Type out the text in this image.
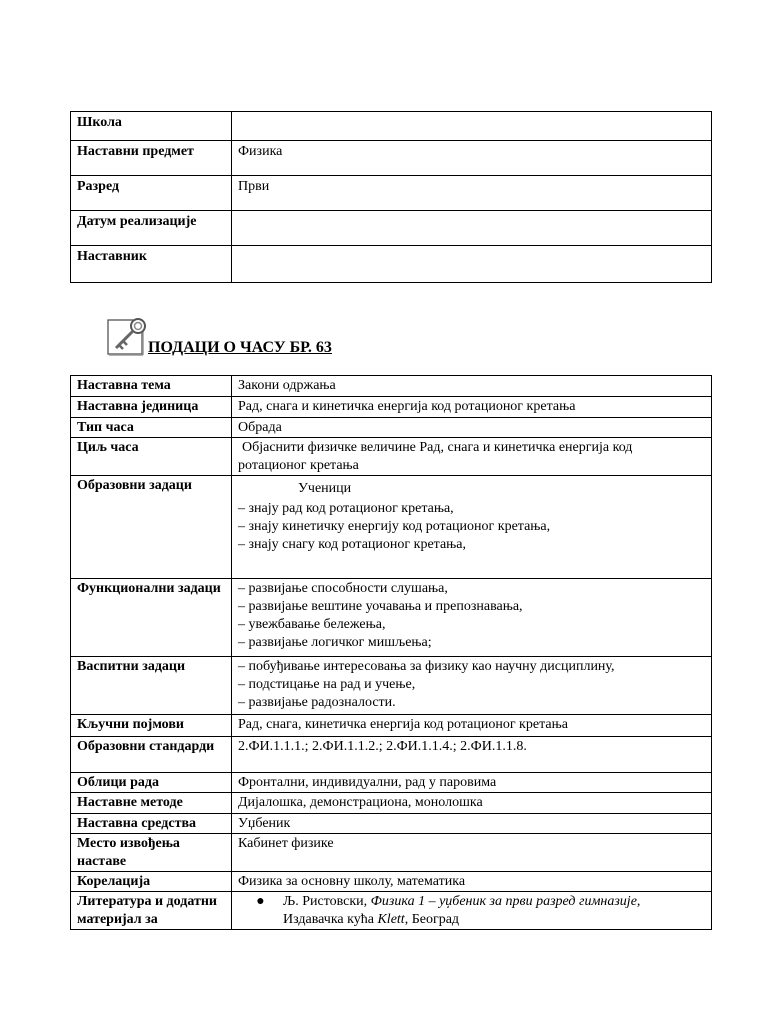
Школа	
Наставни предмет	Физика
Разред	Први
Датум реализације	
Наставник	
ПОДАЦИ О ЧАСУ БР. 63
Наставна тема	Закони одржања
Наставна јединица	Рад, снага и кинетичка енергија код ротационог кретања
Тип часа	Обрада
Циљ часа	Објаснити физичке величине Рад, снага и кинетичка енергија код
ротационог кретања

Образовни задаци	Ученици
– знају рад код ротационог кретања,
– знају кинетичку енергију код ротационог кретања,
– знају снагу код ротационог кретања,

Функционални задаци	– развијање способности слушања,
– развијање вештине уочавања и препознавања,
– увежбавање бележења,
– развијање логичког мишљења;

Васпитни задаци	– побуђивање интересовања за физику као научну дисциплину,
– подстицање на рад и учење,
– развијање радозналости.

Кључни појмови	Рад, снага, кинетичка енергија код ротационог кретања
Образовни стандарди	2.ФИ.1.1.1.; 2.ФИ.1.1.2.; 2.ФИ.1.1.4.; 2.ФИ.1.1.8.
Облици рада	Фронтални, индивидуални, рад у паровима
Наставне методе	Дијалошка, демонстрациона, монолошка
Наставна средства	Уџбеник
Место извођења наставе	Кабинет физике
Корелација	Физика за основну школу, математика
Литература и додатни материјал за	● Љ. Ристовски, Физика 1 – уџбеник за први разред гимназије,
Издавачка кућа Klett, Београд
